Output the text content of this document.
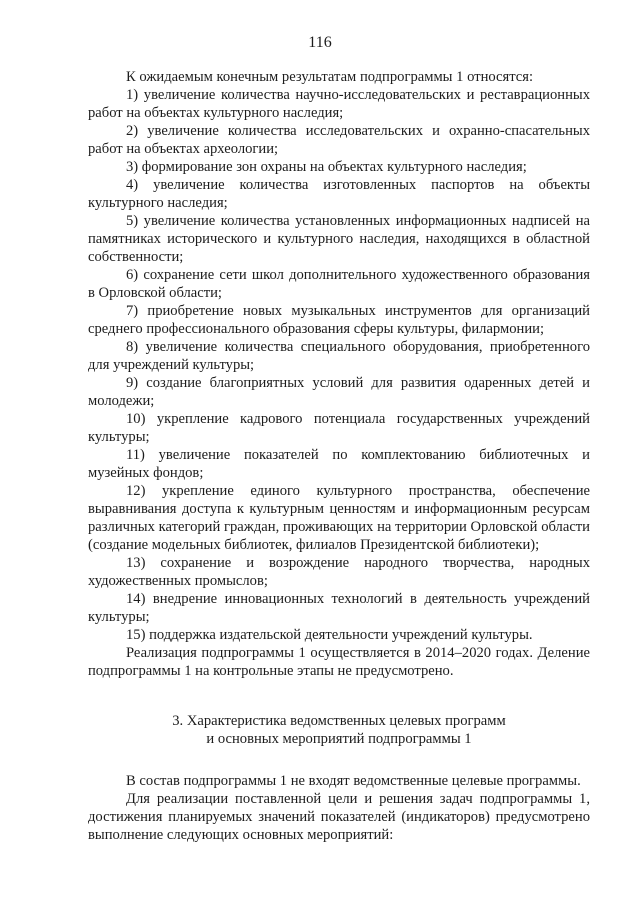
116

К ожидаемым конечным результатам подпрограммы 1 относятся:

1) увеличение количества научно-исследовательских и реставрационных работ на объектах культурного наследия;

2) увеличение количества исследовательских и охранно-спасательных работ на объектах археологии;

3) формирование зон охраны на объектах культурного наследия;

4) увеличение количества изготовленных паспортов на объекты культурного наследия;

5) увеличение количества установленных информационных надписей на памятниках исторического и культурного наследия, находящихся в областной собственности;

6) сохранение сети школ дополнительного художественного образования в Орловской области;

7) приобретение новых музыкальных инструментов для организаций среднего профессионального образования сферы культуры, филармонии;

8) увеличение количества специального оборудования, приобретенного для учреждений культуры;

9) создание благоприятных условий для развития одаренных детей и молодежи;

10) укрепление кадрового потенциала государственных учреждений культуры;

11) увеличение показателей по комплектованию библиотечных и музейных фондов;

12) укрепление единого культурного пространства, обеспечение выравнивания доступа к культурным ценностям и информационным ресурсам различных категорий граждан, проживающих на территории Орловской области (создание модельных библиотек, филиалов Президентской библиотеки);

13) сохранение и возрождение народного творчества, народных художественных промыслов;

14) внедрение инновационных технологий в деятельность учреждений культуры;

15) поддержка издательской деятельности учреждений культуры.

Реализация подпрограммы 1 осуществляется в 2014–2020 годах. Деление подпрограммы 1 на контрольные этапы не предусмотрено.

3. Характеристика ведомственных целевых программ
и основных мероприятий подпрограммы 1

В состав подпрограммы 1 не входят ведомственные целевые программы.

Для реализации поставленной цели и решения задач подпрограммы 1, достижения планируемых значений показателей (индикаторов) предусмотрено выполнение следующих основных мероприятий:
